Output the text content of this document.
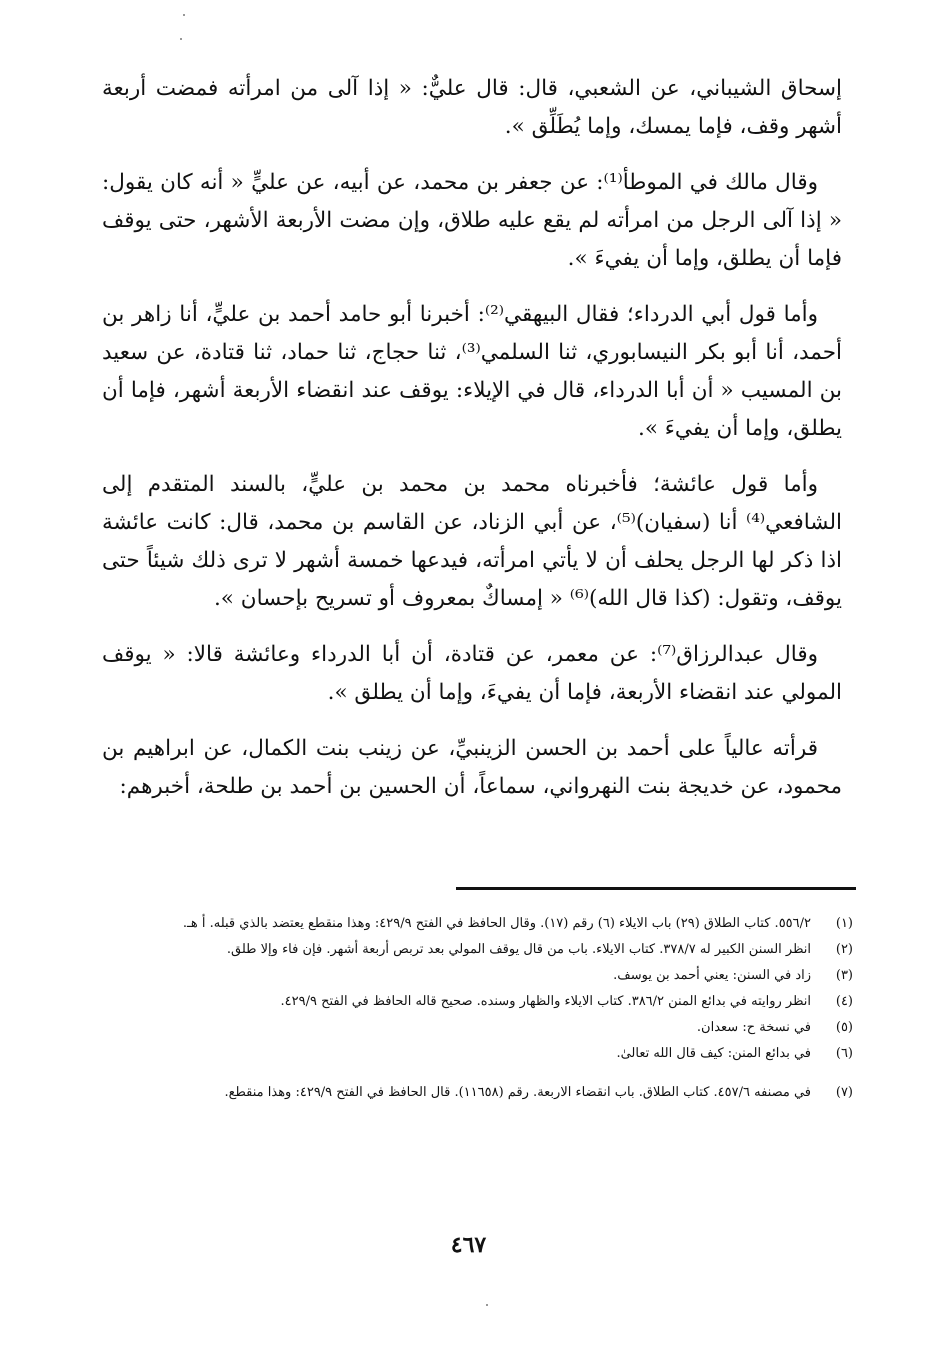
إسحاق الشيباني، عن الشعبي، قال: قال عليٌّ: « إذا آلى من امرأته فمضت أربعة أشهر وقف، فإما يمسك، وإما يُطَلِّق ».

وقال مالك في الموطأ⁽¹⁾: عن جعفر بن محمد، عن أبيه، عن عليٍّ « أنه كان يقول: « إذا آلى الرجل من امرأته لم يقع عليه طلاق، وإن مضت الأربعة الأشهر، حتى يوقف فإما أن يطلق، وإما أن يفيءَ ».

وأما قول أبي الدرداء؛ فقال البيهقي⁽²⁾: أخبرنا أبو حامد أحمد بن عليٍّ، أنا زاهر بن أحمد، أنا أبو بكر النيسابوري، ثنا السلمي⁽³⁾، ثنا حجاج، ثنا حماد، ثنا قتادة، عن سعيد بن المسيب « أن أبا الدرداء، قال في الإيلاء: يوقف عند انقضاء الأربعة أشهر، فإما أن يطلق، وإما أن يفيءَ ».

وأما قول عائشة؛ فأخبرناه محمد بن محمد بن عليٍّ، بالسند المتقدم إلى الشافعي⁽⁴⁾ أنا (سفيان)⁽⁵⁾، عن أبي الزناد، عن القاسم بن محمد، قال: كانت عائشة اذا ذكر لها الرجل يحلف أن لا يأتي امرأته، فيدعها خمسة أشهر لا ترى ذلك شيئاً حتى يوقف، وتقول: (كذا قال الله)⁽⁶⁾ « إمساكٌ بمعروف أو تسريح بإحسان ».

وقال عبدالرزاق⁽⁷⁾: عن معمر، عن قتادة، أن أبا الدرداء وعائشة قالا: « يوقف المولي عند انقضاء الأربعة، فإما أن يفيءَ، وإما أن يطلق ».

قرأته عالياً على أحمد بن الحسن الزينبيِّ، عن زينب بنت الكمال، عن ابراهيم بن محمود، عن خديجة بنت النهرواني، سماعاً، أن الحسين بن أحمد بن طلحة، أخبرهم:

(١)
٥٥٦/٢. كتاب الطلاق (٢٩) باب الايلاء (٦) رقم (١٧). وقال الحافظ في الفتح ٤٢٩/٩: وهذا منقطع يعتضد بالذي قبله. أ هـ.
(٢)
انظر السنن الكبير له ٣٧٨/٧. كتاب الايلاء. باب من قال يوقف المولي بعد تربص أربعة أشهر. فإن فاء وإلا طلق.
(٣)
زاد في السنن: يعني أحمد بن يوسف.
(٤)
انظر روايته في بدائع المنن ٣٨٦/٢. كتاب الايلاء والظهار وسنده. صحيح قاله الحافظ في الفتح ٤٢٩/٩.
(٥)
في نسخة ح: سعدان.
(٦)
في بدائع المنن: كيف قال الله تعالىٰ.
(٧)
في مصنفه ٤٥٧/٦. كتاب الطلاق. باب انقضاء الاربعة. رقم (١١٦٥٨). قال الحافظ في الفتح ٤٢٩/٩: وهذا منقطع.
٤٦٧
